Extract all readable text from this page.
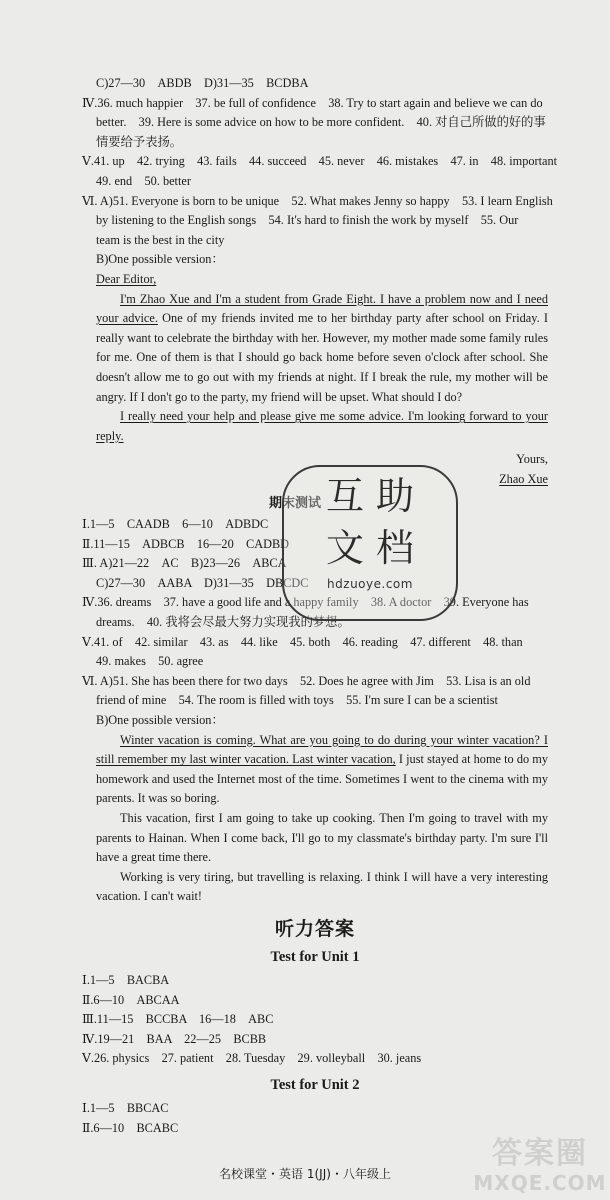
C)27—30　ABDB　D)31—35　BCDBA
Ⅳ.36. much happier　37. be full of confidence　38. Try to start again and believe we can do
better.　39. Here is some advice on how to be more confident.　40. 对自己所做的好的事
情要给予表扬。
Ⅴ.41. up　42. trying　43. fails　44. succeed　45. never　46. mistakes　47. in　48. important
49. end　50. better
Ⅵ. A)51. Everyone is born to be unique　52. What makes Jenny so happy　53. I learn English
by listening to the English songs　54. It's hard to finish the work by myself　55. Our
team is the best in the city
B)One possible version：
Dear Editor,
I'm Zhao Xue and I'm a student from Grade Eight. I have a problem now and I need your advice. One of my friends invited me to her birthday party after school on Friday. I really want to celebrate the birthday with her. However, my mother made some family rules for me. One of them is that I should go back home before seven o'clock after school. She doesn't allow me to go out with my friends at night. If I break the rule, my mother will be angry. If I don't go to the party, my friend will be upset. What should I do?
I really need your help and please give me some advice. I'm looking forward to your reply.
Yours,
Zhao Xue
期末测试
Ⅰ.1—5　CAADB　6—10　ADBDC
Ⅱ.11—15　ADBCB　16—20　CADBD
Ⅲ. A)21—22　AC　B)23—26　ABCA
C)27—30　AABA　D)31—35　DBCDC
Ⅳ.36. dreams　37. have a good life and a happy family　38. A doctor　39. Everyone has
dreams.　40. 我将会尽最大努力实现我的梦想。
Ⅴ.41. of　42. similar　43. as　44. like　45. both　46. reading　47. different　48. than
49. makes　50. agree
Ⅵ. A)51. She has been there for two days　52. Does he agree with Jim　53. Lisa is an old
friend of mine　54. The room is filled with toys　55. I'm sure I can be a scientist
B)One possible version：
Winter vacation is coming. What are you going to do during your winter vacation? I still remember my last winter vacation. Last winter vacation, I just stayed at home to do my homework and used the Internet most of the time. Sometimes I went to the cinema with my parents. It was so boring.
This vacation, first I am going to take up cooking. Then I'm going to travel with my parents to Hainan. When I come back, I'll go to my classmate's birthday party. I'm sure I'll have a great time there.
Working is very tiring, but travelling is relaxing. I think I will have a very interesting vacation. I can't wait!
听力答案
Test for Unit 1
Ⅰ.1—5　BACBA
Ⅱ.6—10　ABCAA
Ⅲ.11—15　BCCBA　16—18　ABC
Ⅳ.19—21　BAA　22—25　BCBB
Ⅴ.26. physics　27. patient　28. Tuesday　29. volleyball　30. jeans
Test for Unit 2
Ⅰ.1—5　BBCAC
Ⅱ.6—10　BCABC
互助
文档
hdzuoye.com
名校课堂・英语 1(JJ)・八年级上
答案圈
MXQE.COM
